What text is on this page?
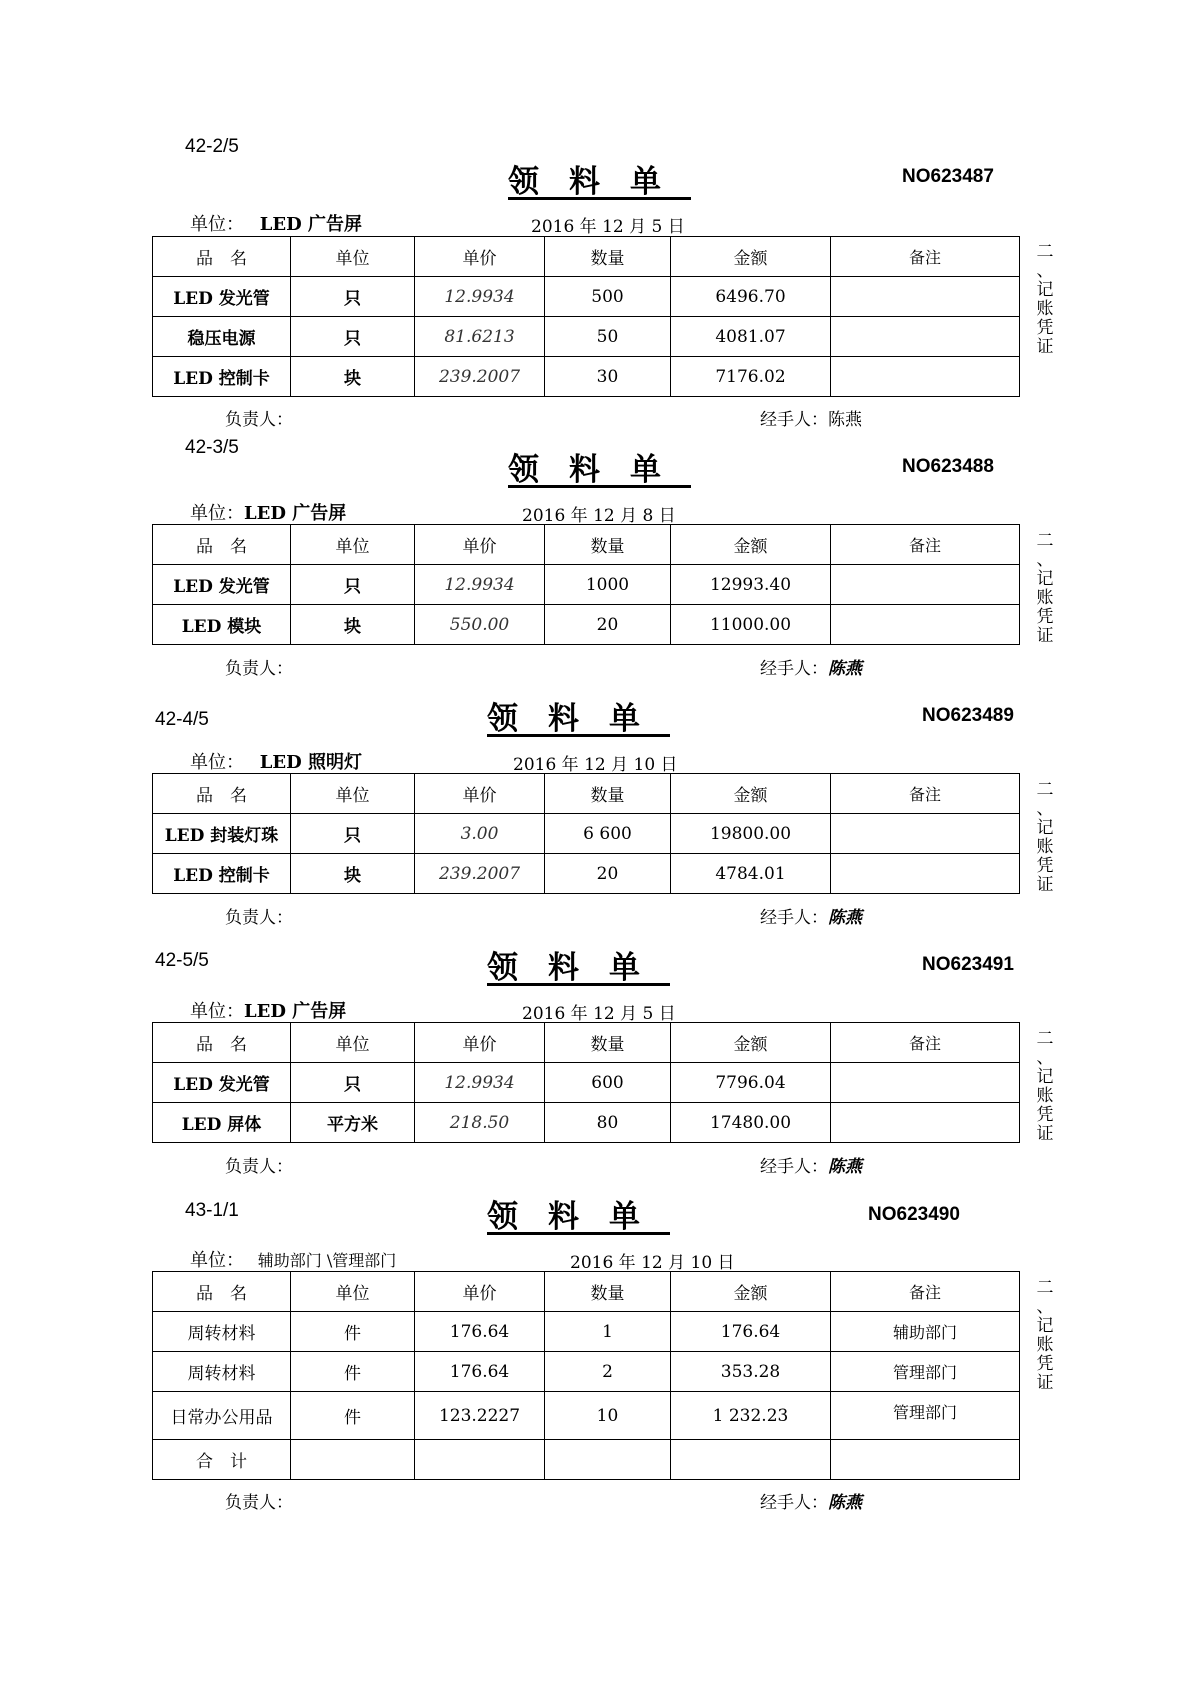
42-2/5
领料单	NO623487
单位： LED 广告屏	2016 年 12 月 5 日
品　名	单位	单价	数量	金额	备注
LED 发光管	只	12.9934	500	6496.70	
稳压电源	只	81.6213	50	4081.07	
LED 控制卡	块	239.2007	30	7176.02	
二
、
记
账
凭
证
负责人：	经手人：陈燕
42-3/5
领料单	NO623488
单位：LED 广告屏	2016 年 12 月 8 日
品　名	单位	单价	数量	金额	备注
LED 发光管	只	12.9934	1000	12993.40	
LED 模块	块	550.00	20	11000.00	
二
、
记
账
凭
证
负责人：	经手人：陈燕
42-4/5	领料单	NO623489
单位： LED 照明灯	2016 年 12 月 10 日
品　名	单位	单价	数量	金额	备注
LED 封装灯珠	只	3.00	6 600	19800.00	
LED 控制卡	块	239.2007	20	4784.01	
二
、
记
账
凭
证
负责人：	经手人：陈燕
42-5/5	领料单	NO623491
单位：LED 广告屏	2016 年 12 月 5 日
品　名	单位	单价	数量	金额	备注
LED 发光管	只	12.9934	600	7796.04	
LED 屏体	平方米	218.50	80	17480.00	
二
、
记
账
凭
证
负责人：	经手人：陈燕
43-1/1	领料单	NO623490
单位： 辅助部门 \管理部门	2016 年 12 月 10 日
品　名	单位	单价	数量	金额	备注
周转材料	件	176.64	1	176.64	辅助部门
周转材料	件	176.64	2	353.28	管理部门
日常办公用品	件	123.2227	10	1 232.23	管理部门
合　计					
二
、
记
账
凭
证
负责人：	经手人：陈燕
